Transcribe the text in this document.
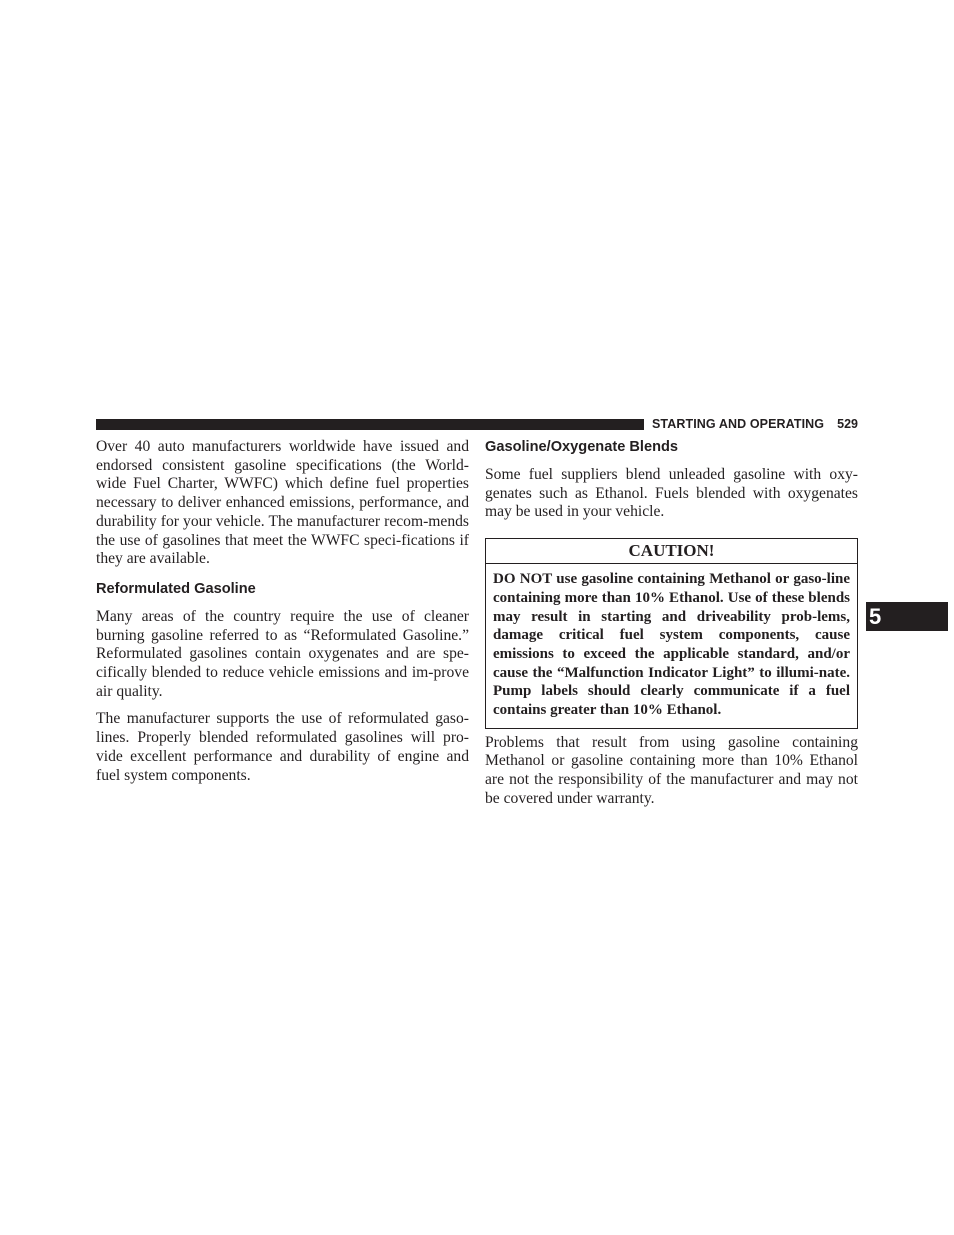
STARTING AND OPERATING 529

Over 40 auto manufacturers worldwide have issued and endorsed consistent gasoline specifications (the World-wide Fuel Charter, WWFC) which define fuel properties necessary to deliver enhanced emissions, performance, and durability for your vehicle. The manufacturer recom-mends the use of gasolines that meet the WWFC speci-fications if they are available.

Reformulated Gasoline

Many areas of the country require the use of cleaner burning gasoline referred to as “Reformulated Gasoline.” Reformulated gasolines contain oxygenates and are spe-cifically blended to reduce vehicle emissions and im-prove air quality.

The manufacturer supports the use of reformulated gaso-lines. Properly blended reformulated gasolines will pro-vide excellent performance and durability of engine and fuel system components.

Gasoline/Oxygenate Blends

Some fuel suppliers blend unleaded gasoline with oxy-genates such as Ethanol. Fuels blended with oxygenates may be used in your vehicle.

CAUTION!

DO NOT use gasoline containing Methanol or gaso-line containing more than 10% Ethanol. Use of these blends may result in starting and driveability prob-lems, damage critical fuel system components, cause emissions to exceed the applicable standard, and/or cause the “Malfunction Indicator Light” to illumi-nate. Pump labels should clearly communicate if a fuel contains greater than 10% Ethanol.

Problems that result from using gasoline containing Methanol or gasoline containing more than 10% Ethanol are not the responsibility of the manufacturer and may not be covered under warranty.

5
